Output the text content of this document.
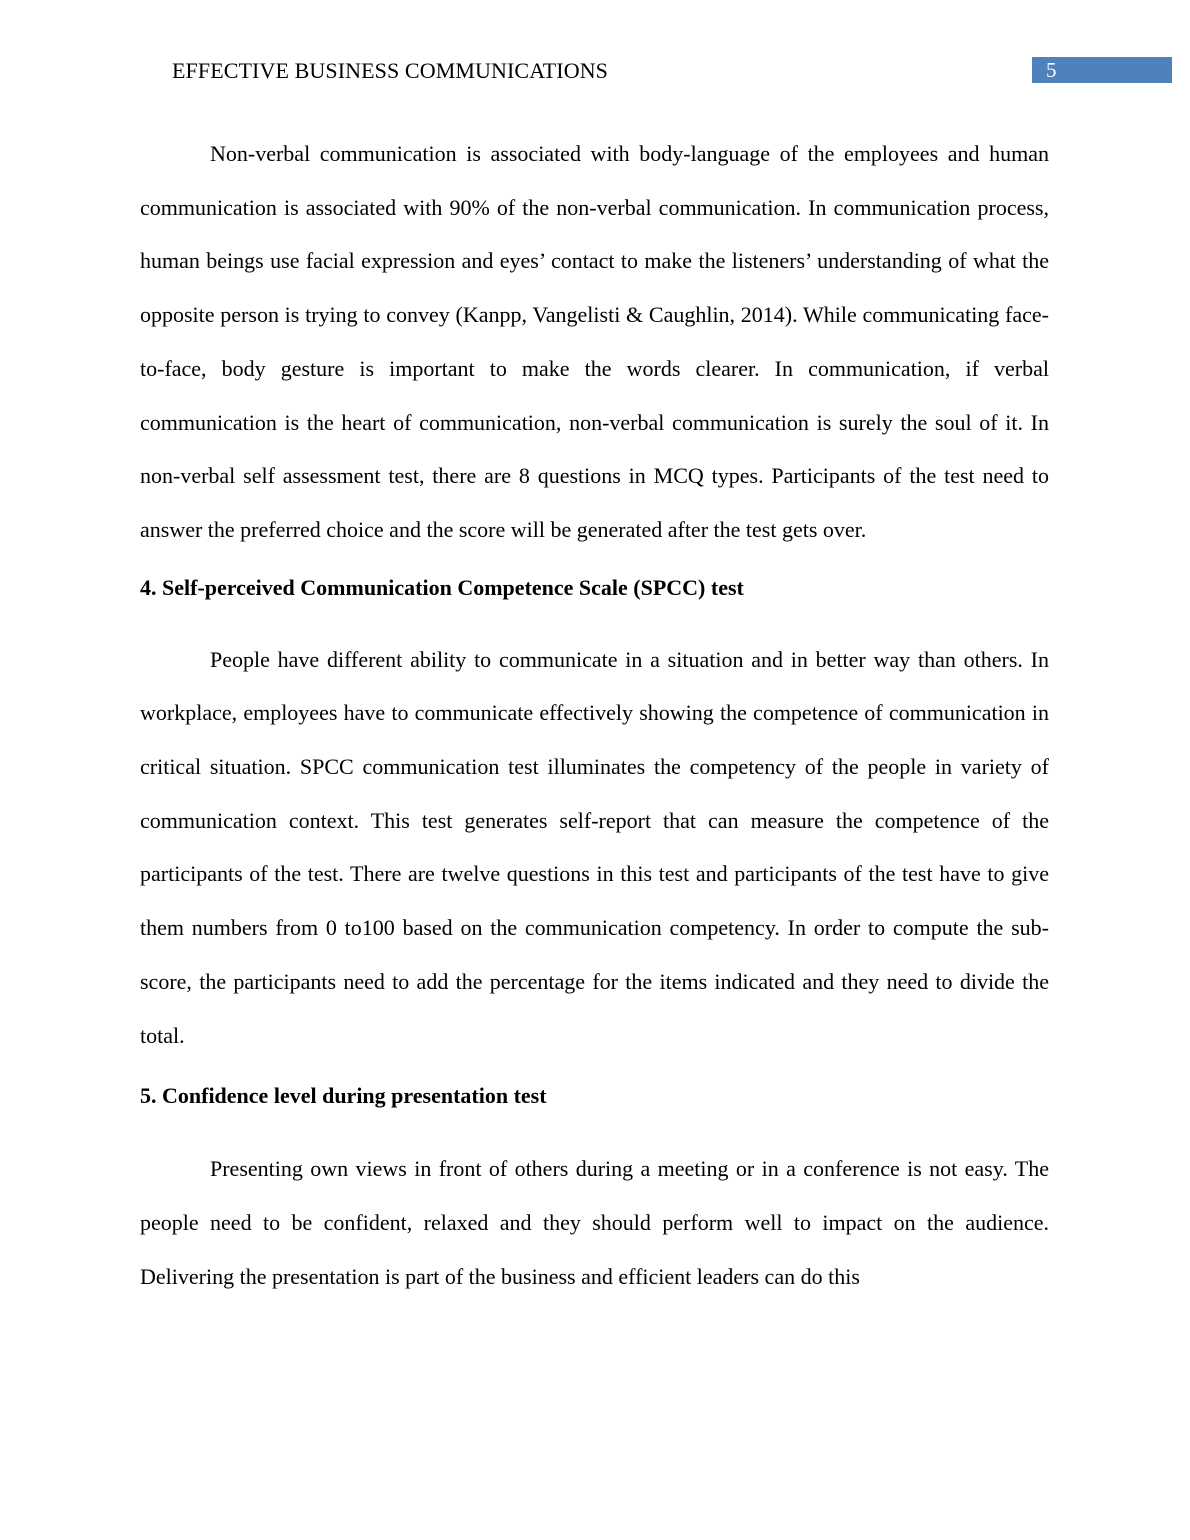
EFFECTIVE BUSINESS COMMUNICATIONS	5

Non-verbal communication is associated with body-language of the employees and human communication is associated with 90% of the non-verbal communication. In communication process, human beings use facial expression and eyes’ contact to make the listeners’ understanding of what the opposite person is trying to convey (Kanpp, Vangelisti & Caughlin, 2014). While communicating face-to-face, body gesture is important to make the words clearer. In communication, if verbal communication is the heart of communication, non-verbal communication is surely the soul of it. In non-verbal self assessment test, there are 8 questions in MCQ types. Participants of the test need to answer the preferred choice and the score will be generated after the test gets over.

4. Self-perceived Communication Competence Scale (SPCC) test

People have different ability to communicate in a situation and in better way than others. In workplace, employees have to communicate effectively showing the competence of communication in critical situation. SPCC communication test illuminates the competency of the people in variety of communication context. This test generates self-report that can measure the competence of the participants of the test. There are twelve questions in this test and participants of the test have to give them numbers from 0 to100 based on the communication competency. In order to compute the sub-score, the participants need to add the percentage for the items indicated and they need to divide the total.

5. Confidence level during presentation test

Presenting own views in front of others during a meeting or in a conference is not easy. The people need to be confident, relaxed and they should perform well to impact on the audience. Delivering the presentation is part of the business and efficient leaders can do this
